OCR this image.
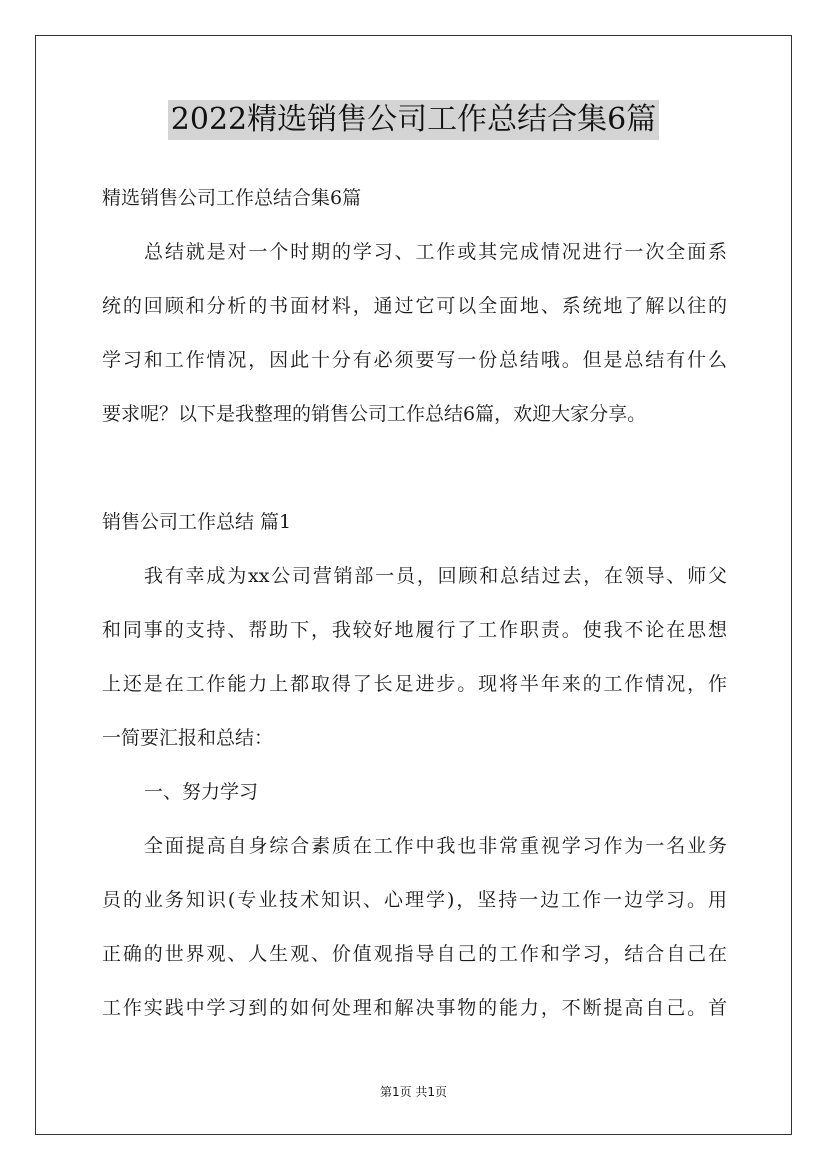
2022精选销售公司工作总结合集6篇
精选销售公司工作总结合集6篇
总结就是对一个时期的学习、工作或其完成情况进行一次全面系
统的回顾和分析的书面材料，通过它可以全面地、系统地了解以往的
学习和工作情况，因此十分有必须要写一份总结哦。但是总结有什么
要求呢？以下是我整理的销售公司工作总结6篇，欢迎大家分享。
销售公司工作总结 篇1
我有幸成为xx公司营销部一员，回顾和总结过去，在领导、师父
和同事的支持、帮助下，我较好地履行了工作职责。使我不论在思想
上还是在工作能力上都取得了长足进步。现将半年来的工作情况，作
一简要汇报和总结：
一、努力学习
全面提高自身综合素质在工作中我也非常重视学习作为一名业务
员的业务知识(专业技术知识、心理学)，坚持一边工作一边学习。用
正确的世界观、人生观、价值观指导自己的工作和学习，结合自己在
工作实践中学习到的如何处理和解决事物的能力，不断提高自己。首
第1页 共1页
